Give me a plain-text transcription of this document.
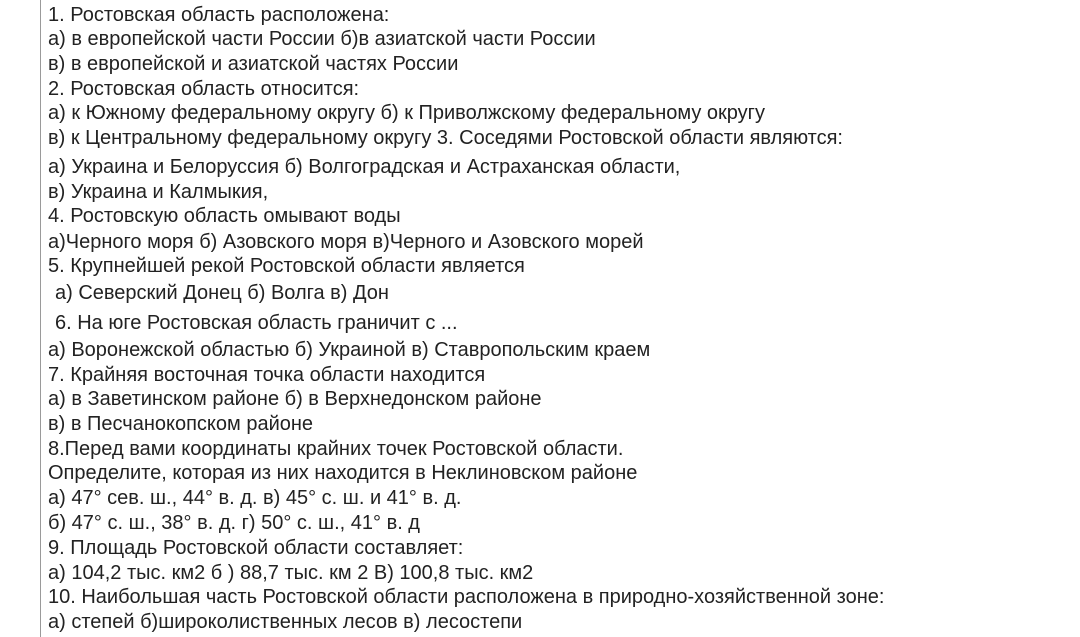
1. Ростовская область расположена:
а) в европейской части России б)в азиатской части России
в) в европейской и азиатской частях России
2. Ростовская область относится:
а) к Южному федеральному округу б) к Приволжскому федеральному округу
в) к Центральному федеральному округу 3. Соседями Ростовской области являются:
а) Украина и Белоруссия б) Волгоградская и Астраханская области,
в) Украина и Калмыкия,
4. Ростовскую область омывают воды
а)Черного моря б) Азовского моря в)Черного и Азовского морей
5. Крупнейшей рекой Ростовской области является
а) Северский Донец б) Волга в) Дон
6. На юге Ростовская область граничит с ...
а) Воронежской областью б) Украиной в) Ставропольским краем
7. Крайняя восточная точка области находится
а) в Заветинском районе б) в Верхнедонском районе
в) в Песчанокопском районе
8.Перед вами координаты крайних точек Ростовской области.
Определите, которая из них находится в Неклиновском районе
а) 47° сев. ш., 44° в. д. в) 45° с. ш. и 41° в. д.
б) 47° с. ш., 38° в. д. г) 50° с. ш., 41° в. д
9. Площадь Ростовской области составляет:
а) 104,2 тыс. км2 б ) 88,7 тыс. км 2 В) 100,8 тыс. км2
10. Наибольшая часть Ростовской области расположена в природно-хозяйственной зоне:
а) степей б)широколиственных лесов в) лесостепи
